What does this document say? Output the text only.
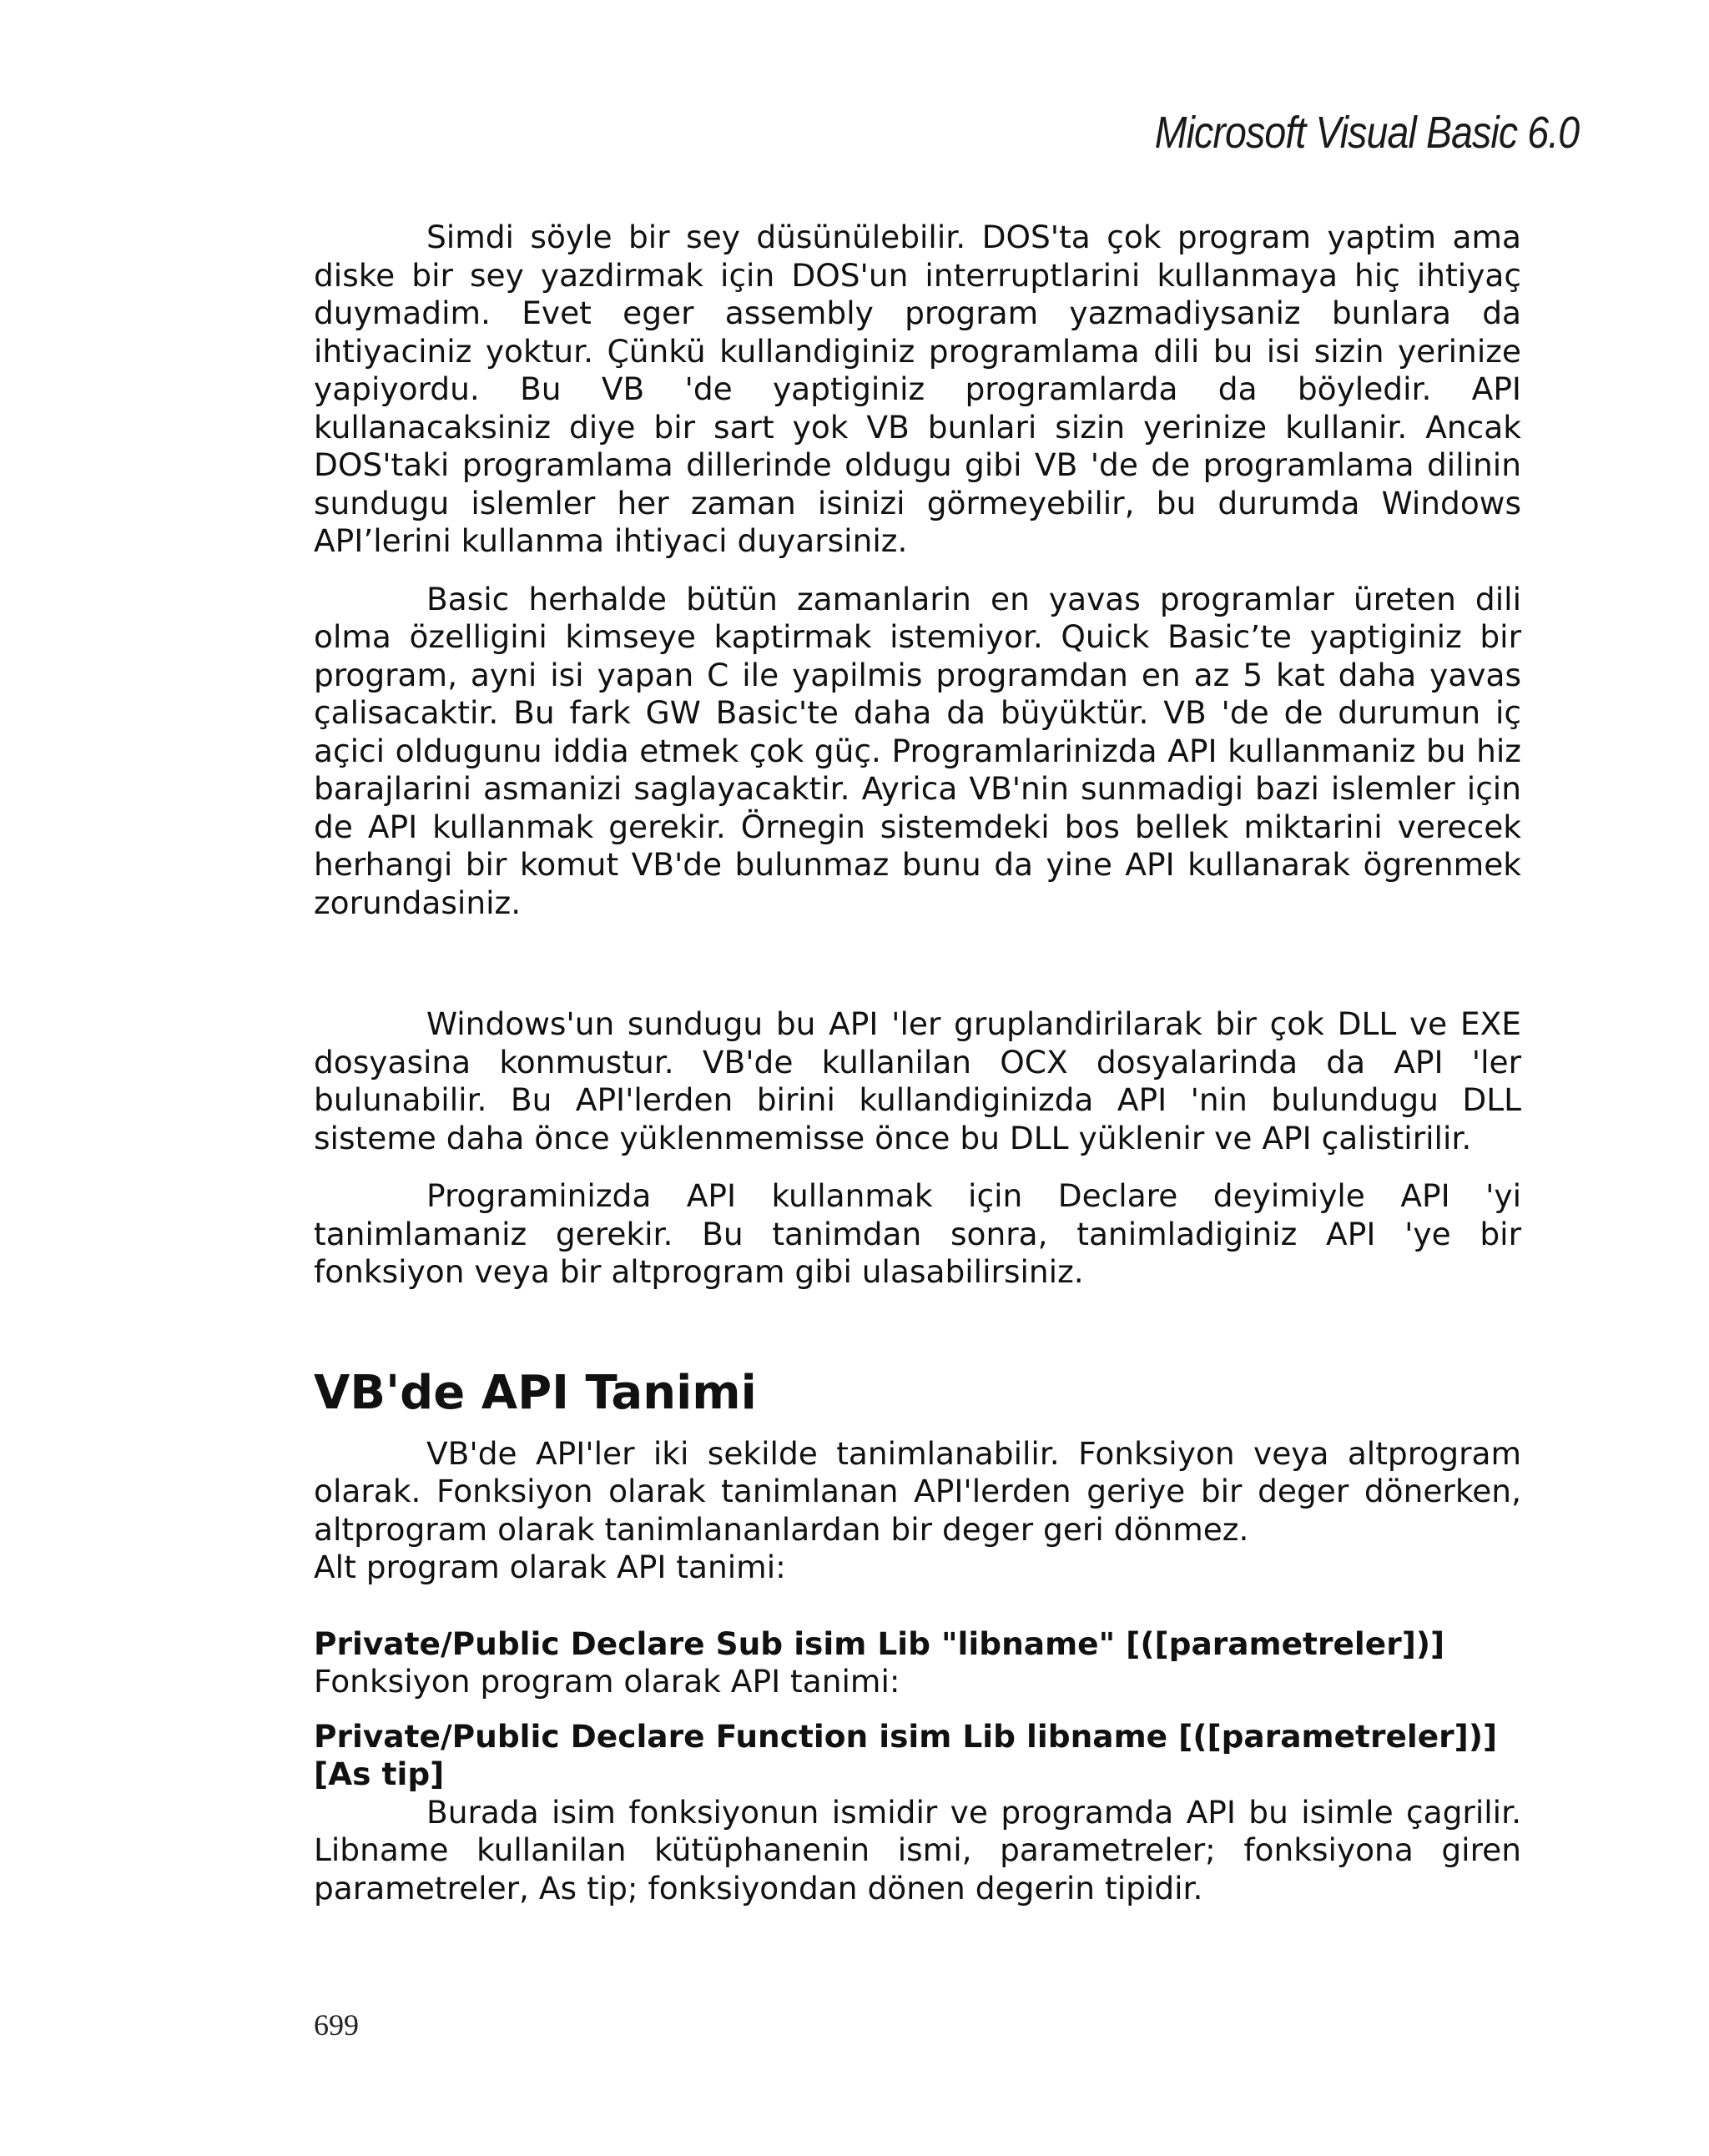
Microsoft Visual Basic 6.0

Simdi söyle bir sey düsünülebilir. DOS'ta çok program yaptim ama diske bir sey yazdirmak için DOS'un interruptlarini kullanmaya hiç ihtiyaç duymadim. Evet eger assembly program yazmadiysaniz bunlara da ihtiyaciniz yoktur. Çünkü kullandiginiz programlama dili bu isi sizin yerinize yapiyordu. Bu VB 'de yaptiginiz programlarda da böyledir. API kullanacaksiniz diye bir sart yok VB bunlari sizin yerinize kullanir. Ancak DOS'taki programlama dillerinde oldugu gibi VB 'de de programlama dilinin sundugu islemler her zaman isinizi görmeyebilir, bu durumda Windows API’lerini kullanma ihtiyaci duyarsiniz.

Basic herhalde bütün zamanlarin en yavas programlar üreten dili olma özelligini kimseye kaptirmak istemiyor. Quick Basic’te yaptiginiz bir program, ayni isi yapan C ile yapilmis programdan en az 5 kat daha yavas çalisacaktir. Bu fark GW Basic'te daha da büyüktür. VB 'de de durumun iç açici oldugunu iddia etmek çok güç. Programlarinizda API kullanmaniz bu hiz barajlarini asmanizi saglayacaktir. Ayrica VB'nin sunmadigi bazi islemler için de API kullanmak gerekir. Örnegin sistemdeki bos bellek miktarini verecek herhangi bir komut VB'de bulunmaz bunu da yine API kullanarak ögrenmek zorundasiniz.

Windows'un sundugu bu API 'ler gruplandirilarak bir çok DLL ve EXE dosyasina konmustur. VB'de kullanilan OCX dosyalarinda da API 'ler bulunabilir. Bu API'lerden birini kullandiginizda API 'nin bulundugu DLL sisteme daha önce yüklenmemisse önce bu DLL yüklenir ve API çalistirilir.

Programinizda API kullanmak için Declare deyimiyle API 'yi tanimlamaniz gerekir. Bu tanimdan sonra, tanimladiginiz API 'ye bir fonksiyon veya bir altprogram gibi ulasabilirsiniz.

VB'de API Tanimi

VB'de API'ler iki sekilde tanimlanabilir. Fonksiyon veya altprogram olarak. Fonksiyon olarak tanimlanan API'lerden geriye bir deger dönerken, altprogram olarak tanimlananlardan bir deger geri dönmez.

Alt program olarak API tanimi:

Private/Public Declare Sub isim Lib "libname" [([parametreler])]

Fonksiyon program olarak API tanimi:

Private/Public Declare Function isim Lib libname [([parametreler])] [As tip]

Burada isim fonksiyonun ismidir ve programda API bu isimle çagrilir. Libname kullanilan kütüphanenin ismi, parametreler; fonksiyona giren parametreler, As tip; fonksiyondan dönen degerin tipidir.

699
